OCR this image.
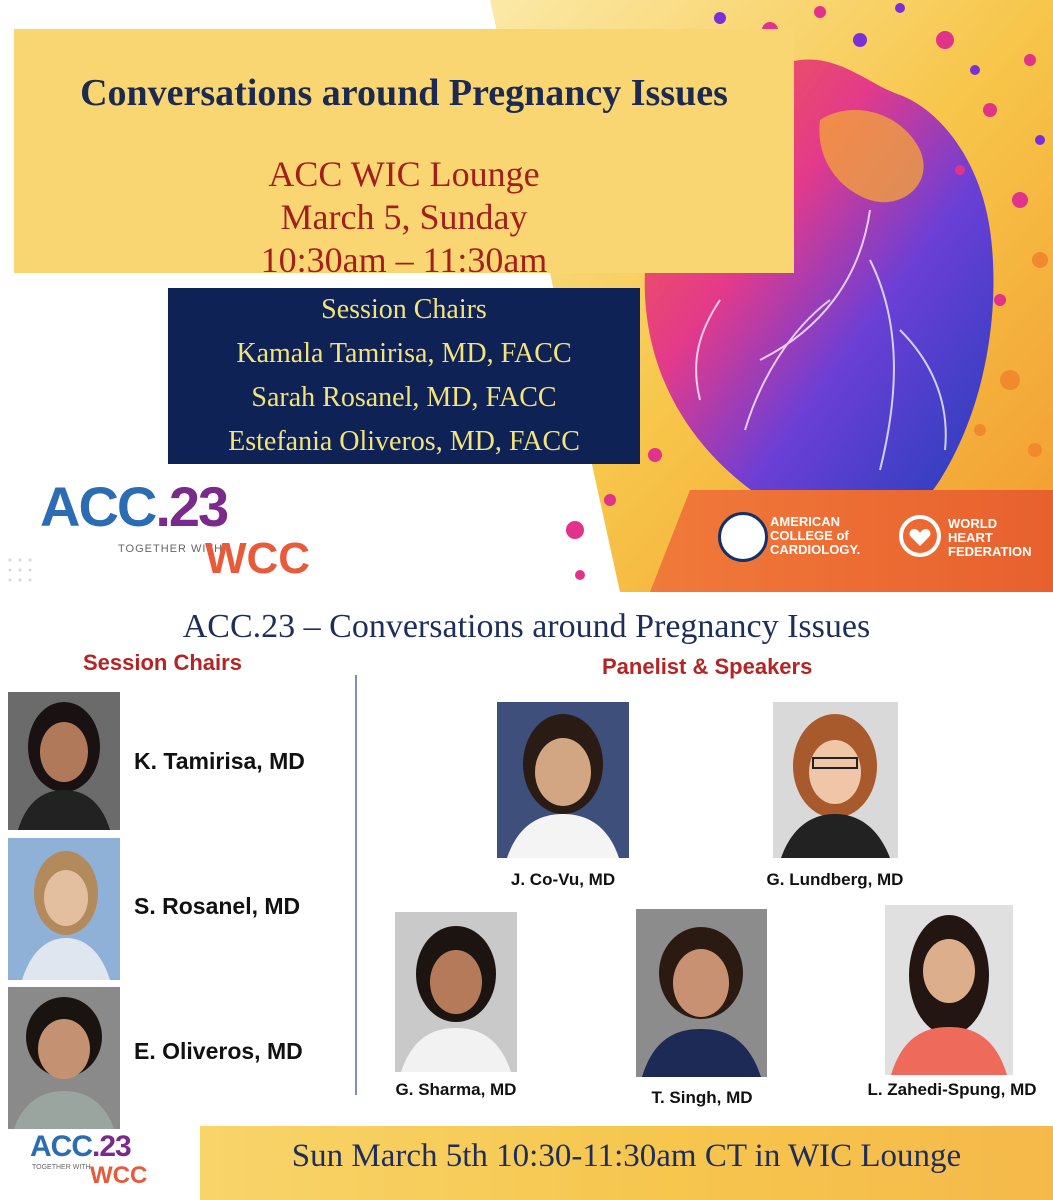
Conversations around Pregnancy Issues
ACC WIC Lounge
March 5, Sunday
10:30am – 11:30am
Session Chairs
Kamala Tamirisa, MD, FACC
Sarah Rosanel, MD, FACC
Estefania Oliveros, MD, FACC
ACC.23
TOGETHER WITH
WCC
AMERICAN
COLLEGE of
CARDIOLOGY.
WORLD
HEART
FEDERATION
ACC.23 – Conversations around Pregnancy Issues
Session Chairs	Panelist & Speakers
K. Tamirisa, MD
S. Rosanel, MD
E. Oliveros, MD
J. Co-Vu, MD	G. Lundberg, MD
G. Sharma, MD	T. Singh, MD	L. Zahedi-Spung, MD
Sun March 5th 10:30-11:30am CT in WIC Lounge
ACC.23
TOGETHER WITH WCC
